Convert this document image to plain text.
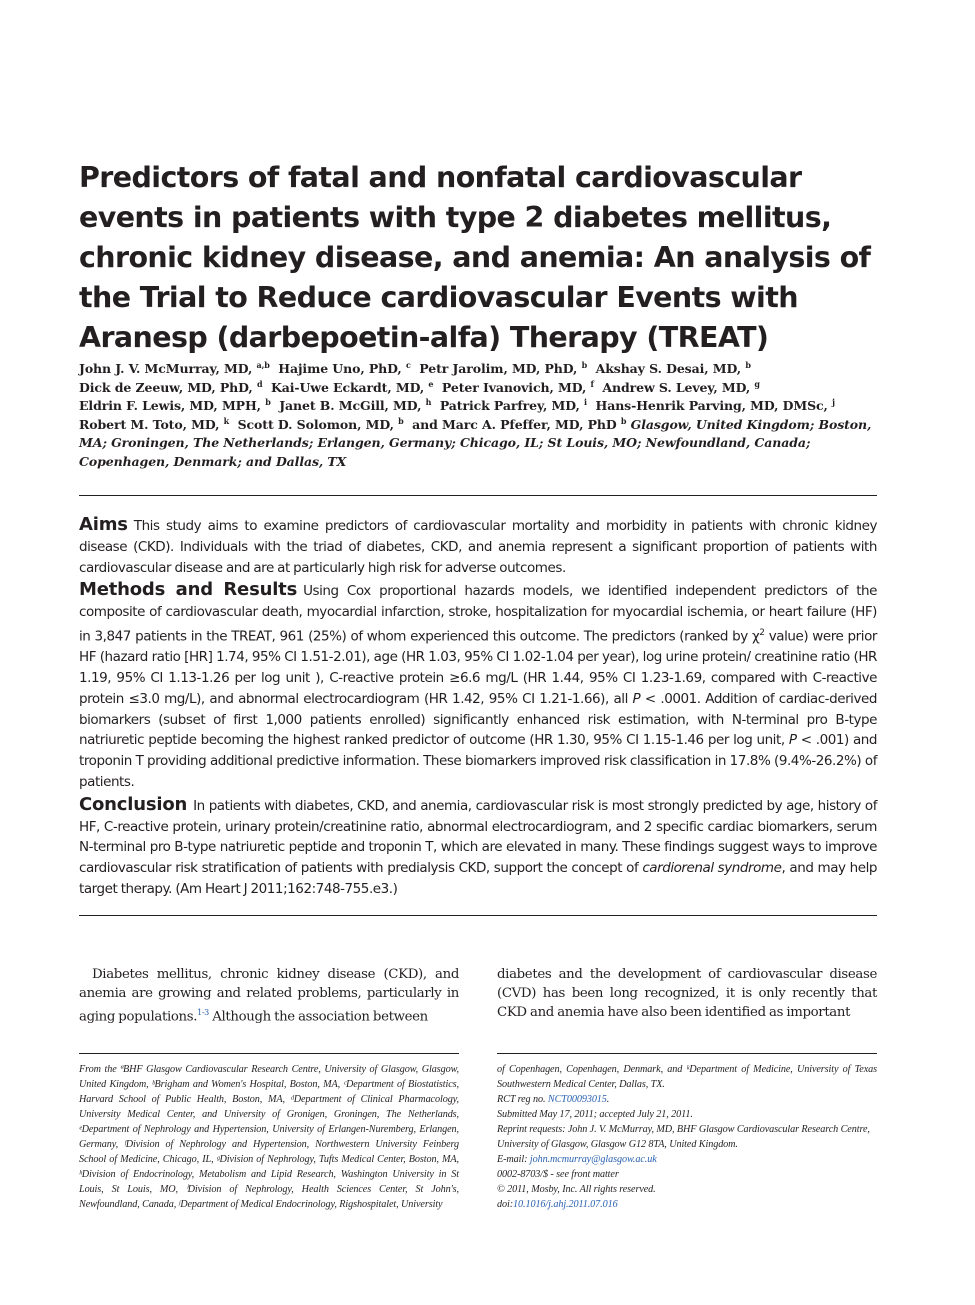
Predictors of fatal and nonfatal cardiovascular events in patients with type 2 diabetes mellitus, chronic kidney disease, and anemia: An analysis of the Trial to Reduce cardiovascular Events with Aranesp (darbepoetin-alfa) Therapy (TREAT)
John J. V. McMurray, MD, $^{a,b}$ Hajime Uno, PhD, $^c$ Petr Jarolim, MD, PhD, $^b$ Akshay S. Desai, MD, $^b$
Dick de Zeeuw, MD, PhD, $^d$ Kai-Uwe Eckardt, MD, $^e$ Peter Ivanovich, MD, $^f$ Andrew S. Levey, MD, $^g$
Eldrin F. Lewis, MD, MPH, $^b$ Janet B. McGill, MD, $^h$ Patrick Parfrey, MD, $^i$ Hans-Henrik Parving, MD, DMSc, $^j$
Robert M. Toto, MD, $^k$ Scott D. Solomon, MD, $^b$ and Marc A. Pfeffer, MD, PhD $^b$ Glasgow, United Kingdom; Boston, MA; Groningen, The Netherlands; Erlangen, Germany; Chicago, IL; St Louis, MO; Newfoundland, Canada; Copenhagen, Denmark; and Dallas, TX
Aims This study aims to examine predictors of cardiovascular mortality and morbidity in patients with chronic kidney disease (CKD). Individuals with the triad of diabetes, CKD, and anemia represent a significant proportion of patients with cardiovascular disease and are at particularly high risk for adverse outcomes.
Methods and Results Using Cox proportional hazards models, we identified independent predictors of the composite of cardiovascular death, myocardial infarction, stroke, hospitalization for myocardial ischemia, or heart failure (HF) in 3,847 patients in the TREAT, 961 (25%) of whom experienced this outcome. The predictors (ranked by $\chi^2$ value) were prior HF (hazard ratio [HR] 1.74, 95% CI 1.51-2.01), age (HR 1.03, 95% CI 1.02-1.04 per year), log urine protein/ creatinine ratio (HR 1.19, 95% CI 1.13-1.26 per log unit ), C-reactive protein ≥6.6 mg/L (HR 1.44, 95% CI 1.23-1.69, compared with C-reactive protein ≤3.0 mg/L), and abnormal electrocardiogram (HR 1.42, 95% CI 1.21-1.66), all P < .0001. Addition of cardiac-derived biomarkers (subset of first 1,000 patients enrolled) significantly enhanced risk estimation, with N-terminal pro B-type natriuretic peptide becoming the highest ranked predictor of outcome (HR 1.30, 95% CI 1.15-1.46 per log unit, P < .001) and troponin T providing additional predictive information. These biomarkers improved risk classification in 17.8% (9.4%-26.2%) of patients.
Conclusion In patients with diabetes, CKD, and anemia, cardiovascular risk is most strongly predicted by age, history of HF, C-reactive protein, urinary protein/creatinine ratio, abnormal electrocardiogram, and 2 specific cardiac biomarkers, serum N-terminal pro B-type natriuretic peptide and troponin T, which are elevated in many. These findings suggest ways to improve cardiovascular risk stratification of patients with predialysis CKD, support the concept of cardiorenal syndrome, and may help target therapy. (Am Heart J 2011;162:748-755.e3.)
Diabetes mellitus, chronic kidney disease (CKD), and anemia are growing and related problems, particularly in aging populations.$^{1-3}$ Although the association between
diabetes and the development of cardiovascular disease (CVD) has been long recognized, it is only recently that CKD and anemia have also been identified as important
From the ªBHF Glasgow Cardiovascular Research Centre, University of Glasgow, Glasgow, United Kingdom, ᵇBrigham and Women's Hospital, Boston, MA, ᶜDepartment of Biostatistics, Harvard School of Public Health, Boston, MA, ᵈDepartment of Clinical Pharmacology, University Medical Center, and University of Gronigen, Groningen, The Netherlands, ᵉDepartment of Nephrology and Hypertension, University of Erlangen-Nuremberg, Erlangen, Germany, ᶠDivision of Nephrology and Hypertension, Northwestern University Feinberg School of Medicine, Chicago, IL, ᵍDivision of Nephrology, Tufts Medical Center, Boston, MA, ʰDivision of Endocrinology, Metabolism and Lipid Research, Washington University in St Louis, St Louis, MO, ⁱDivision of Nephrology, Health Sciences Center, St John's, Newfoundland, Canada, ʲDepartment of Medical Endocrinology, Rigshospitalet, University
of Copenhagen, Copenhagen, Denmark, and ᵏDepartment of Medicine, University of Texas Southwestern Medical Center, Dallas, TX.
RCT reg no. NCT00093015.
Submitted May 17, 2011; accepted July 21, 2011.
Reprint requests: John J. V. McMurray, MD, BHF Glasgow Cardiovascular Research Centre, University of Glasgow, Glasgow G12 8TA, United Kingdom.
E-mail: john.mcmurray@glasgow.ac.uk
0002-8703/$ - see front matter
© 2011, Mosby, Inc. All rights reserved.
doi:10.1016/j.ahj.2011.07.016
